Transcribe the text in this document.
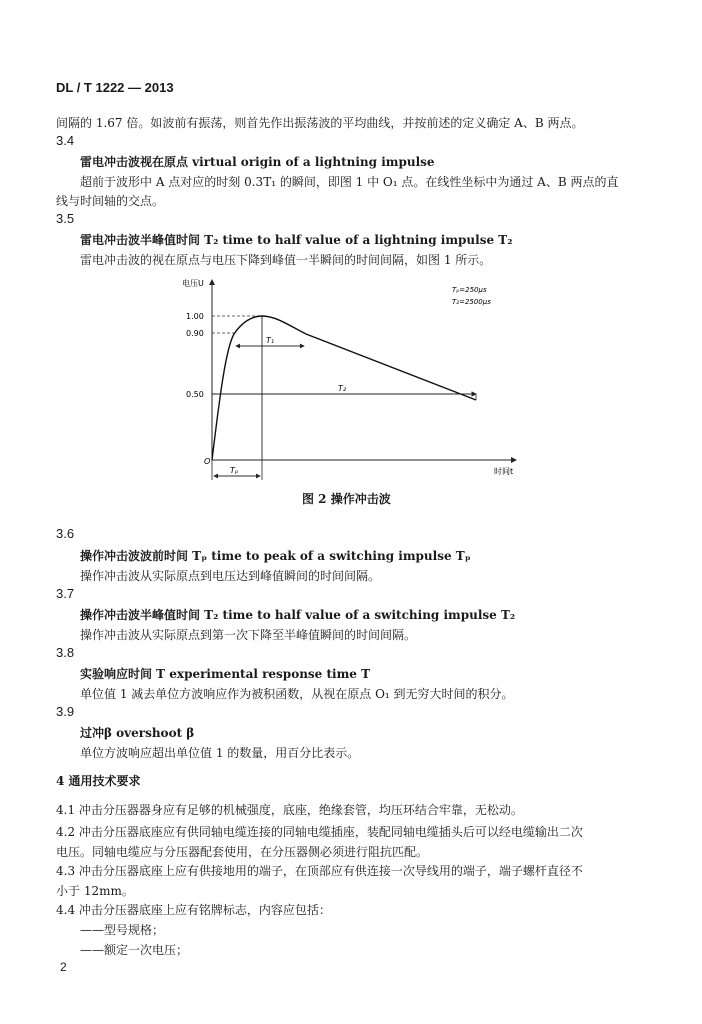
DL / T 1222 — 2013
间隔的 1.67 倍。如波前有振荡，则首先作出振荡波的平均曲线，并按前述的定义确定 A、B 两点。
3.4
雷电冲击波视在原点 virtual origin of a lightning impulse
超前于波形中 A 点对应的时刻 0.3T₁ 的瞬间，即图 1 中 O₁ 点。在线性坐标中为通过 A、B 两点的直
线与时间轴的交点。
3.5
雷电冲击波半峰值时间 T₂ time to half value of a lightning impulse T₂
雷电冲击波的视在原点与电压下降到峰值一半瞬间的时间间隔，如图 1 所示。
电压U
1.00
0.90
0.50
O
Tₚ=250μs
T₂=2500μs
T₁
T₂
Tₚ	时间t
图 2 操作冲击波
3.6
操作冲击波波前时间 Tₚ time to peak of a switching impulse Tₚ
操作冲击波从实际原点到电压达到峰值瞬间的时间间隔。
3.7
操作冲击波半峰值时间 T₂ time to half value of a switching impulse T₂
操作冲击波从实际原点到第一次下降至半峰值瞬间的时间间隔。
3.8
实验响应时间 T experimental response time T
单位值 1 减去单位方波响应作为被积函数，从视在原点 O₁ 到无穷大时间的积分。
3.9
过冲β overshoot β
单位方波响应超出单位值 1 的数量，用百分比表示。
4 通用技术要求
4.1 冲击分压器器身应有足够的机械强度，底座，绝缘套管，均压环结合牢靠，无松动。
4.2 冲击分压器底座应有供同轴电缆连接的同轴电缆插座，装配同轴电缆插头后可以经电缆输出二次
电压。同轴电缆应与分压器配套使用，在分压器侧必须进行阻抗匹配。
4.3 冲击分压器底座上应有供接地用的端子，在顶部应有供连接一次导线用的端子，端子螺杆直径不
小于 12mm。
4.4 冲击分压器底座上应有铭牌标志，内容应包括：
——型号规格；
——额定一次电压；
2
